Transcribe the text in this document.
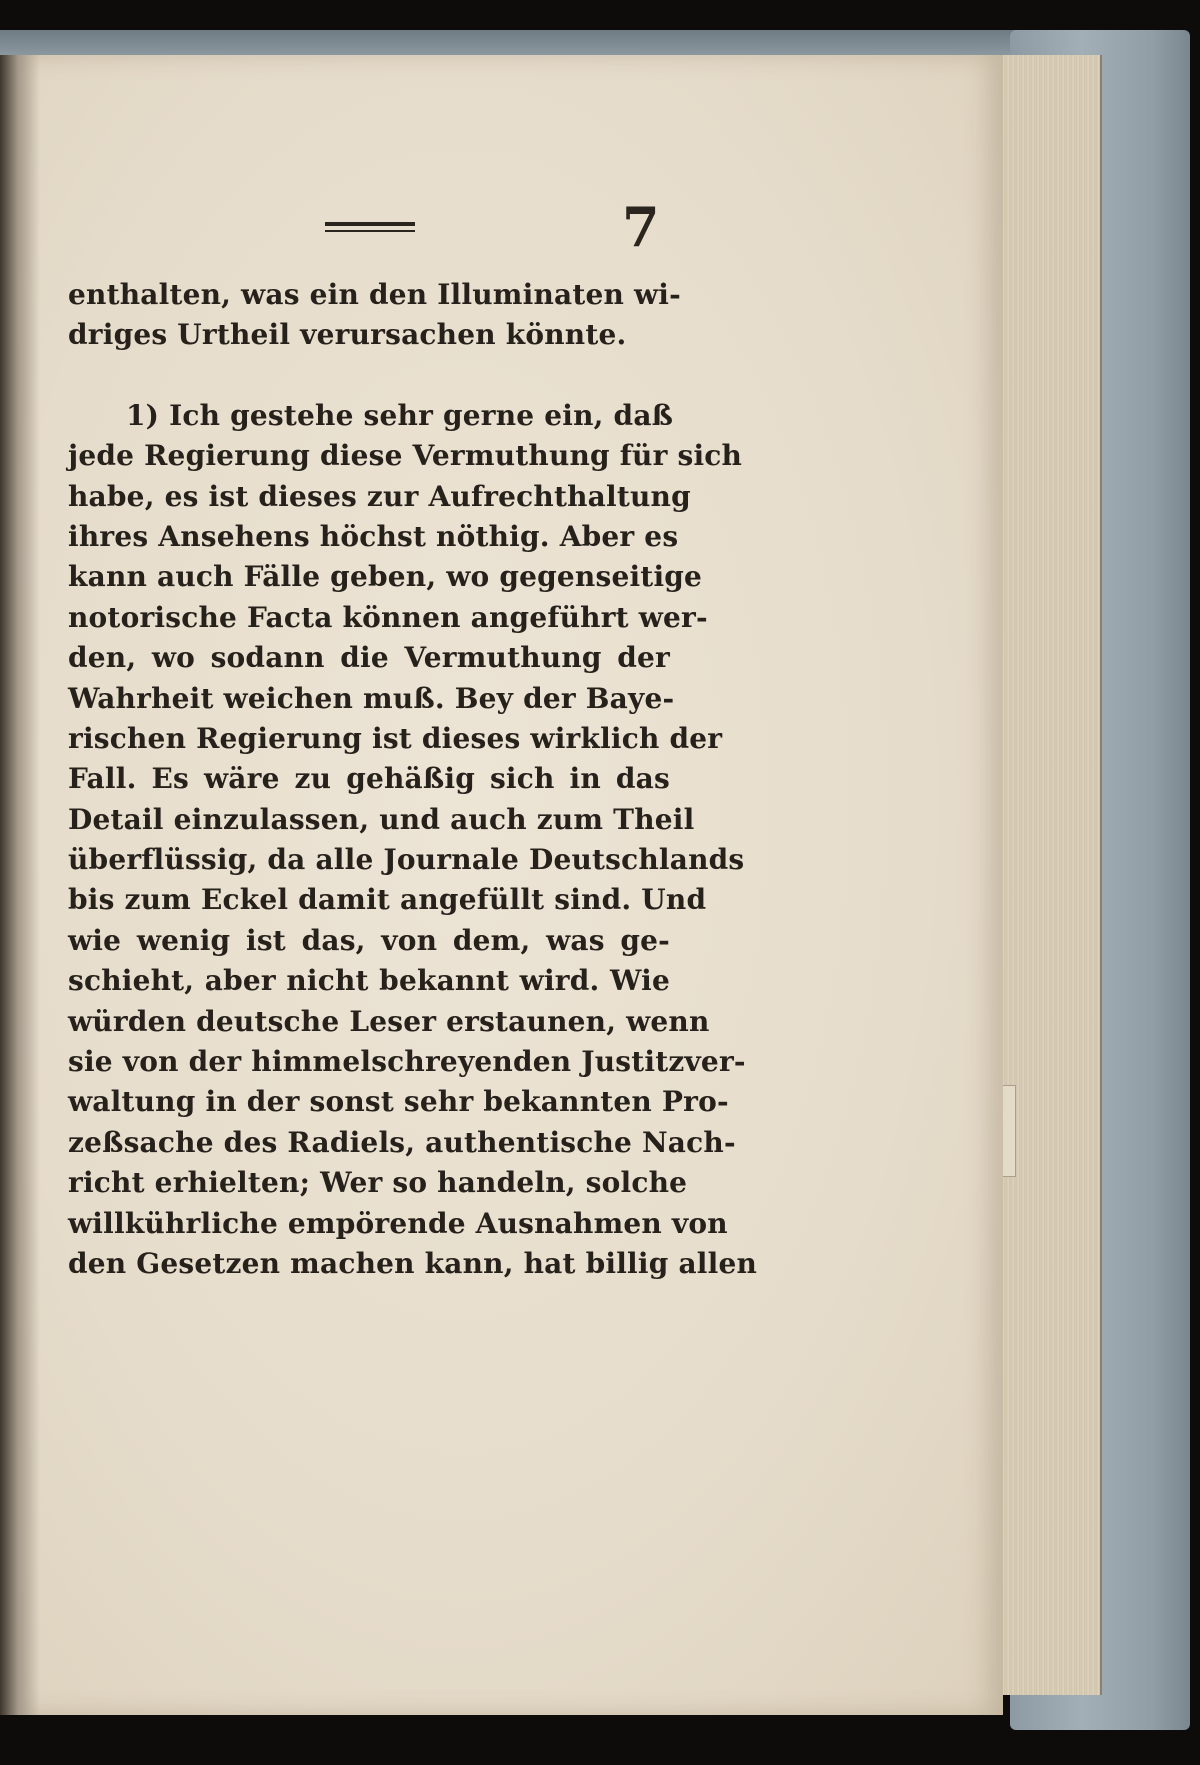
7
enthalten, was ein den Illuminaten wi-
driges Urtheil verursachen könnte.
1) Ich gestehe sehr gerne ein, daß
jede Regierung diese Vermuthung für sich
habe, es ist dieses zur Aufrechthaltung
ihres Ansehens höchst nöthig. Aber es
kann auch Fälle geben, wo gegenseitige
notorische Facta können angeführt wer-
den, wo sodann die Vermuthung der
Wahrheit weichen muß. Bey der Baye-
rischen Regierung ist dieses wirklich der
Fall. Es wäre zu gehäßig sich in das
Detail einzulassen, und auch zum Theil
überflüssig, da alle Journale Deutschlands
bis zum Eckel damit angefüllt sind. Und
wie wenig ist das, von dem, was ge-
schieht, aber nicht bekannt wird. Wie
würden deutsche Leser erstaunen, wenn
sie von der himmelschreyenden Justitzver-
waltung in der sonst sehr bekannten Pro-
zeßsache des Radiels, authentische Nach-
richt erhielten; Wer so handeln, solche
willkührliche empörende Ausnahmen von
den Gesetzen machen kann, hat billig allen
